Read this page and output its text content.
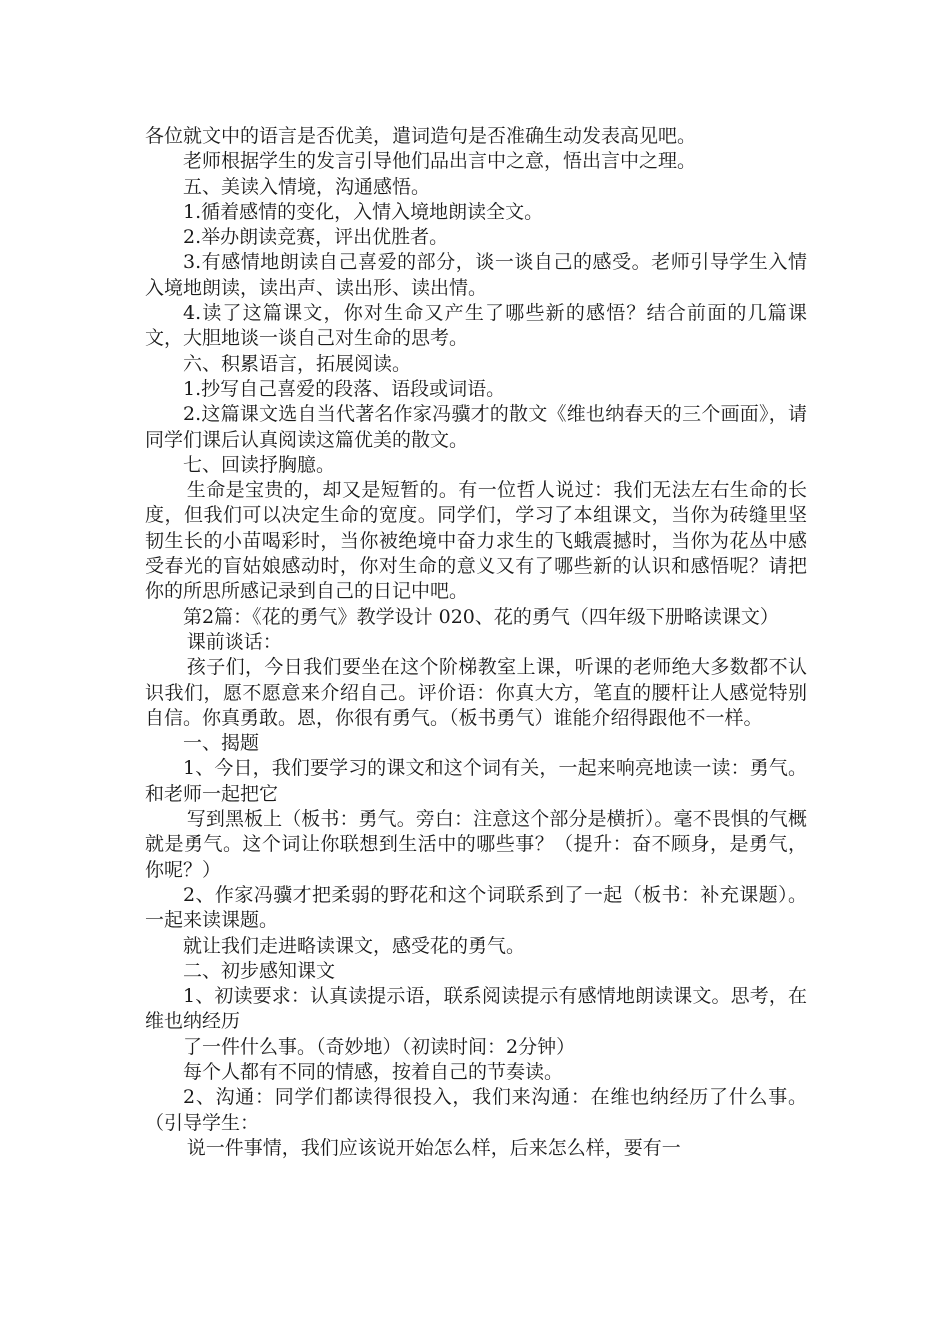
各位就文中的语言是否优美，遣词造句是否准确生动发表高见吧。

老师根据学生的发言引导他们品出言中之意，悟出言中之理。

五、美读入情境，沟通感悟。

1.循着感情的变化，入情入境地朗读全文。

2.举办朗读竞赛，评出优胜者。

3.有感情地朗读自己喜爱的部分，谈一谈自己的感受。老师引导学生入情入境地朗读，读出声、读出形、读出情。

4.读了这篇课文，你对生命又产生了哪些新的感悟？结合前面的几篇课文，大胆地谈一谈自己对生命的思考。

六、积累语言，拓展阅读。

1.抄写自己喜爱的段落、语段或词语。

2.这篇课文选自当代著名作家冯骥才的散文《维也纳春天的三个画面》，请同学们课后认真阅读这篇优美的散文。

七、回读抒胸臆。

生命是宝贵的，却又是短暂的。有一位哲人说过：我们无法左右生命的长度，但我们可以决定生命的宽度。同学们，学习了本组课文，当你为砖缝里坚韧生长的小苗喝彩时，当你被绝境中奋力求生的飞蛾震撼时，当你为花丛中感受春光的盲姑娘感动时，你对生命的意义又有了哪些新的认识和感悟呢？请把你的所思所感记录到自己的日记中吧。

第2篇：《花的勇气》教学设计 020、花的勇气（四年级下册略读课文）

课前谈话：

孩子们，今日我们要坐在这个阶梯教室上课，听课的老师绝大多数都不认识我们，愿不愿意来介绍自己。评价语：你真大方，笔直的腰杆让人感觉特别自信。你真勇敢。恩，你很有勇气。（板书勇气）谁能介绍得跟他不一样。

一、揭题

1、今日，我们要学习的课文和这个词有关，一起来响亮地读一读：勇气。和老师一起把它

写到黑板上（板书：勇气。旁白：注意这个部分是横折）。毫不畏惧的气概就是勇气。这个词让你联想到生活中的哪些事？（提升：奋不顾身，是勇气，你呢？）

2、作家冯骥才把柔弱的野花和这个词联系到了一起（板书：补充课题）。一起来读课题。

就让我们走进略读课文，感受花的勇气。

二、初步感知课文

1、初读要求：认真读提示语，联系阅读提示有感情地朗读课文。思考，在维也纳经历

了一件什么事。（奇妙地）（初读时间：2分钟）

每个人都有不同的情感，按着自己的节奏读。

2、沟通：同学们都读得很投入，我们来沟通：在维也纳经历了什么事。（引导学生：

说一件事情，我们应该说开始怎么样，后来怎么样，要有一
